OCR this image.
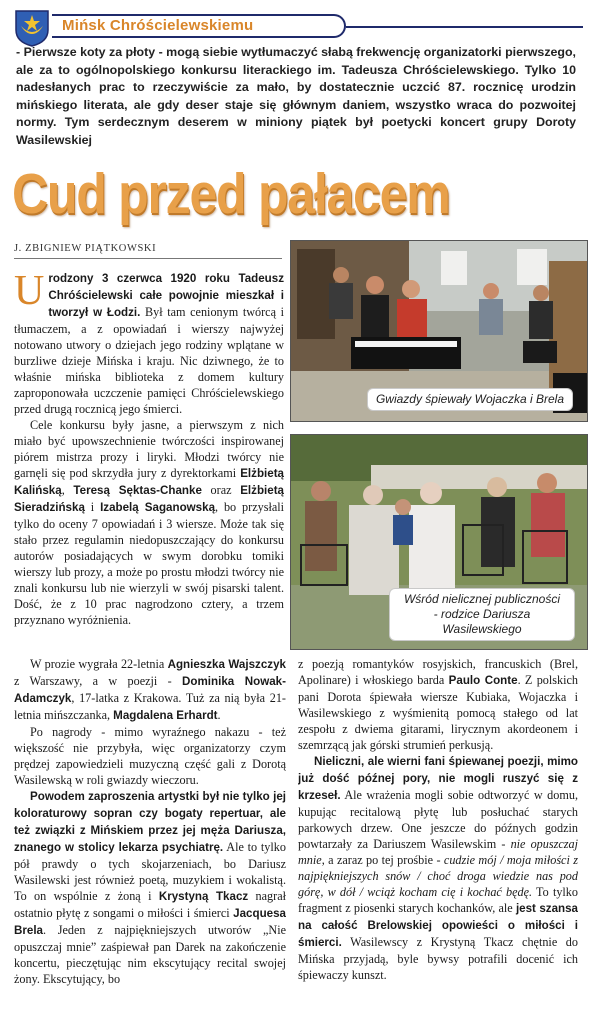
Mińsk Chróścielewskiemu
- Pierwsze koty za płoty - mogą siebie wytłumaczyć słabą frekwencję organizatorki pierwszego, ale za to ogólnopolskiego konkursu literackiego im. Tadeusza Chróścielewskiego. Tylko 10 nadesłanych prac to rzeczywiście za mało, by dostatecznie uczcić 87. rocznicę urodzin mińskiego literata, ale gdy deser staje się głównym daniem, wszystko wraca do pozwoitej normy. Tym serdecznym deserem w miniony piątek był poetycki koncert grupy Doroty Wasilewskiej
Cud przed pałacem
J. ZBIGNIEW PIĄTKOWSKI

Urodzony 3 czerwca 1920 roku Tadeusz Chróścielewski całe powojnie mieszkał i tworzył w Łodzi. Był tam cenionym twórcą i tłumaczem, a z opowiadań i wierszy najwyżej notowano utwory o dziejach jego rodziny wplątane w burzliwe dzieje Mińska i kraju. Nic dziwnego, że to właśnie mińska biblioteka z domem kultury zaproponowała uczczenie pamięci Chróścielewskiego przed drugą rocznicą jego śmierci.

Cele konkursu były jasne, a pierwszym z nich miało być upowszechnienie twórczości inspirowanej piórem mistrza prozy i liryki. Młodzi twórcy nie garnęli się pod skrzydła jury z dyrektorkami Elżbietą Kalińską, Teresą Sęktas-Chanke oraz Elżbietą Sieradzińską i Izabelą Saganowską, bo przysłali tylko do oceny 7 opowiadań i 3 wiersze. Może tak się stało przez regulamin niedopuszczający do konkursu autorów posiadających w swym dorobku tomiki wierszy lub prozy, a może po prostu młodzi twórcy nie znali konkursu lub nie wierzyli w swój pisarski talent. Dość, że z 10 prac nagrodzono cztery, a trzem przyznano wyróżnienia.

Gwiazdy śpiewały Wojaczka i Brela
Wśród nielicznej publiczności
- rodzice Dariusza Wasilewskiego

W prozie wygrała 22-letnia Agnieszka Wajszczyk z Warszawy, a w poezji - Dominika Nowak-Adamczyk, 17-latka z Krakowa. Tuż za nią była 21-letnia mińszczanka, Magdalena Erhardt.

Po nagrody - mimo wyraźnego nakazu - też większość nie przybyła, więc organizatorzy czym prędzej zapowiedzieli muzyczną część gali z Dorotą Wasilewską w roli gwiazdy wieczoru.

Powodem zaproszenia artystki był nie tylko jej koloraturowy sopran czy bogaty repertuar, ale też związki z Mińskiem przez jej męża Dariusza, znanego w stolicy lekarza psychiatrę. Ale to tylko pół prawdy o tych skojarzeniach, bo Dariusz Wasilewski jest również poetą, muzykiem i wokalistą. To on wspólnie z żoną i Krystyną Tkacz nagrał ostatnio płytę z songami o miłości i śmierci Jacquesa Brela. Jeden z najpiękniejszych utworów „Nie opuszczaj mnie” zaśpiewał pan Darek na zakończenie koncertu, pieczętując nim ekscytujący recital swojej żony. Ekscytujący, bo

z poezją romantyków rosyjskich, francuskich (Brel, Apolinare) i włoskiego barda Paulo Conte. Z polskich pani Dorota śpiewała wiersze Kubiaka, Wojaczka i Wasilewskiego z wyśmienitą pomocą stałego od lat zespołu z dwiema gitarami, lirycznym akordeonem i szemrzącą jak górski strumień perkusją.

Nieliczni, ale wierni fani śpiewanej poezji, mimo już dość późnej pory, nie mogli ruszyć się z krzeseł. Ale wrażenia mogli sobie odtworzyć w domu, kupując recitalową płytę lub posłuchać starych parkowych drzew. One jeszcze do późnych godzin powtarzały za Dariuszem Wasilewskim - nie opuszczaj mnie, a zaraz po tej prośbie - cudzie mój / moja miłości z najpiękniejszych snów / choć droga wiedzie nas pod górę, w dół / wciąż kocham cię i kochać będę. To tylko fragment z piosenki starych kochanków, ale jest szansa na całość Brelowskiej opowieści o miłości i śmierci. Wasilewscy z Krystyną Tkacz chętnie do Mińska przyjadą, byle bywsy potrafili docenić ich śpiewaczy kunszt.
